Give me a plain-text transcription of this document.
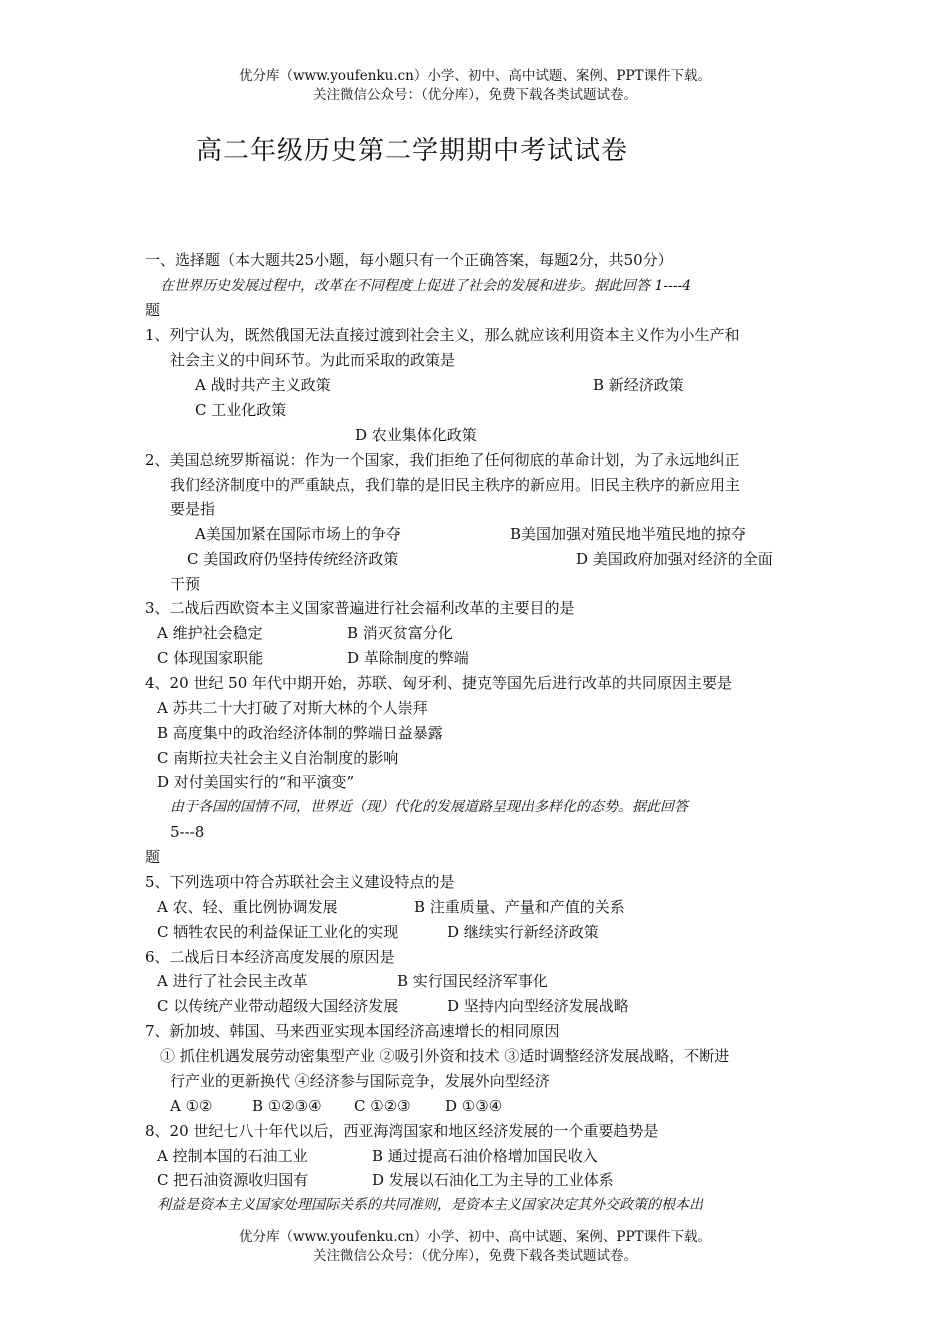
优分库（www.youfenku.cn）小学、初中、高中试题、案例、PPT课件下载。
关注微信公众号：（优分库），免费下载各类试题试卷。
高二年级历史第二学期期中考试试卷
一、选择题（本大题共25小题，每小题只有一个正确答案，每题2分，共50分）
在世界历史发展过程中，改革在不同程度上促进了社会的发展和进步。据此回答 1----4
题
1、列宁认为，既然俄国无法直接过渡到社会主义，那么就应该利用资本主义作为小生产和
社会主义的中间环节。为此而采取的政策是
A 战时共产主义政策	B 新经济政策
C 工业化政策
D 农业集体化政策
2、美国总统罗斯福说：作为一个国家，我们拒绝了任何彻底的革命计划，为了永远地纠正
我们经济制度中的严重缺点，我们靠的是旧民主秩序的新应用。旧民主秩序的新应用主
要是指
A美国加紧在国际市场上的争夺	B美国加强对殖民地半殖民地的掠夺
C 美国政府仍坚持传统经济政策	D 美国政府加强对经济的全面
干预
3、二战后西欧资本主义国家普遍进行社会福利改革的主要目的是
A 维护社会稳定	B 消灭贫富分化
C 体现国家职能	D 革除制度的弊端
4、20 世纪 50 年代中期开始，苏联、匈牙利、捷克等国先后进行改革的共同原因主要是
A 苏共二十大打破了对斯大林的个人崇拜
B 高度集中的政治经济体制的弊端日益暴露
C 南斯拉夫社会主义自治制度的影响
D 对付美国实行的“和平演变”
由于各国的国情不同，世界近（现）代化的发展道路呈现出多样化的态势。据此回答
5---8
题
5、下列选项中符合苏联社会主义建设特点的是
A 农、轻、重比例协调发展	B 注重质量、产量和产值的关系
C 牺牲农民的利益保证工业化的实现	D 继续实行新经济政策
6、二战后日本经济高度发展的原因是
A 进行了社会民主改革	B 实行国民经济军事化
C 以传统产业带动超级大国经济发展	D 坚持内向型经济发展战略
7、新加坡、韩国、马来西亚实现本国经济高速增长的相同原因
① 抓住机遇发展劳动密集型产业 ②吸引外资和技术 ③适时调整经济发展战略，不断进
行产业的更新换代 ④经济参与国际竞争，发展外向型经济
A ①②	B ①②③④ C ①②③ D ①③④
8、20 世纪七八十年代以后，西亚海湾国家和地区经济发展的一个重要趋势是
A 控制本国的石油工业	B 通过提高石油价格增加国民收入
C 把石油资源收归国有	D 发展以石油化工为主导的工业体系
利益是资本主义国家处理国际关系的共同准则，是资本主义国家决定其外交政策的根本出
优分库（www.youfenku.cn）小学、初中、高中试题、案例、PPT课件下载。
关注微信公众号：（优分库），免费下载各类试题试卷。
